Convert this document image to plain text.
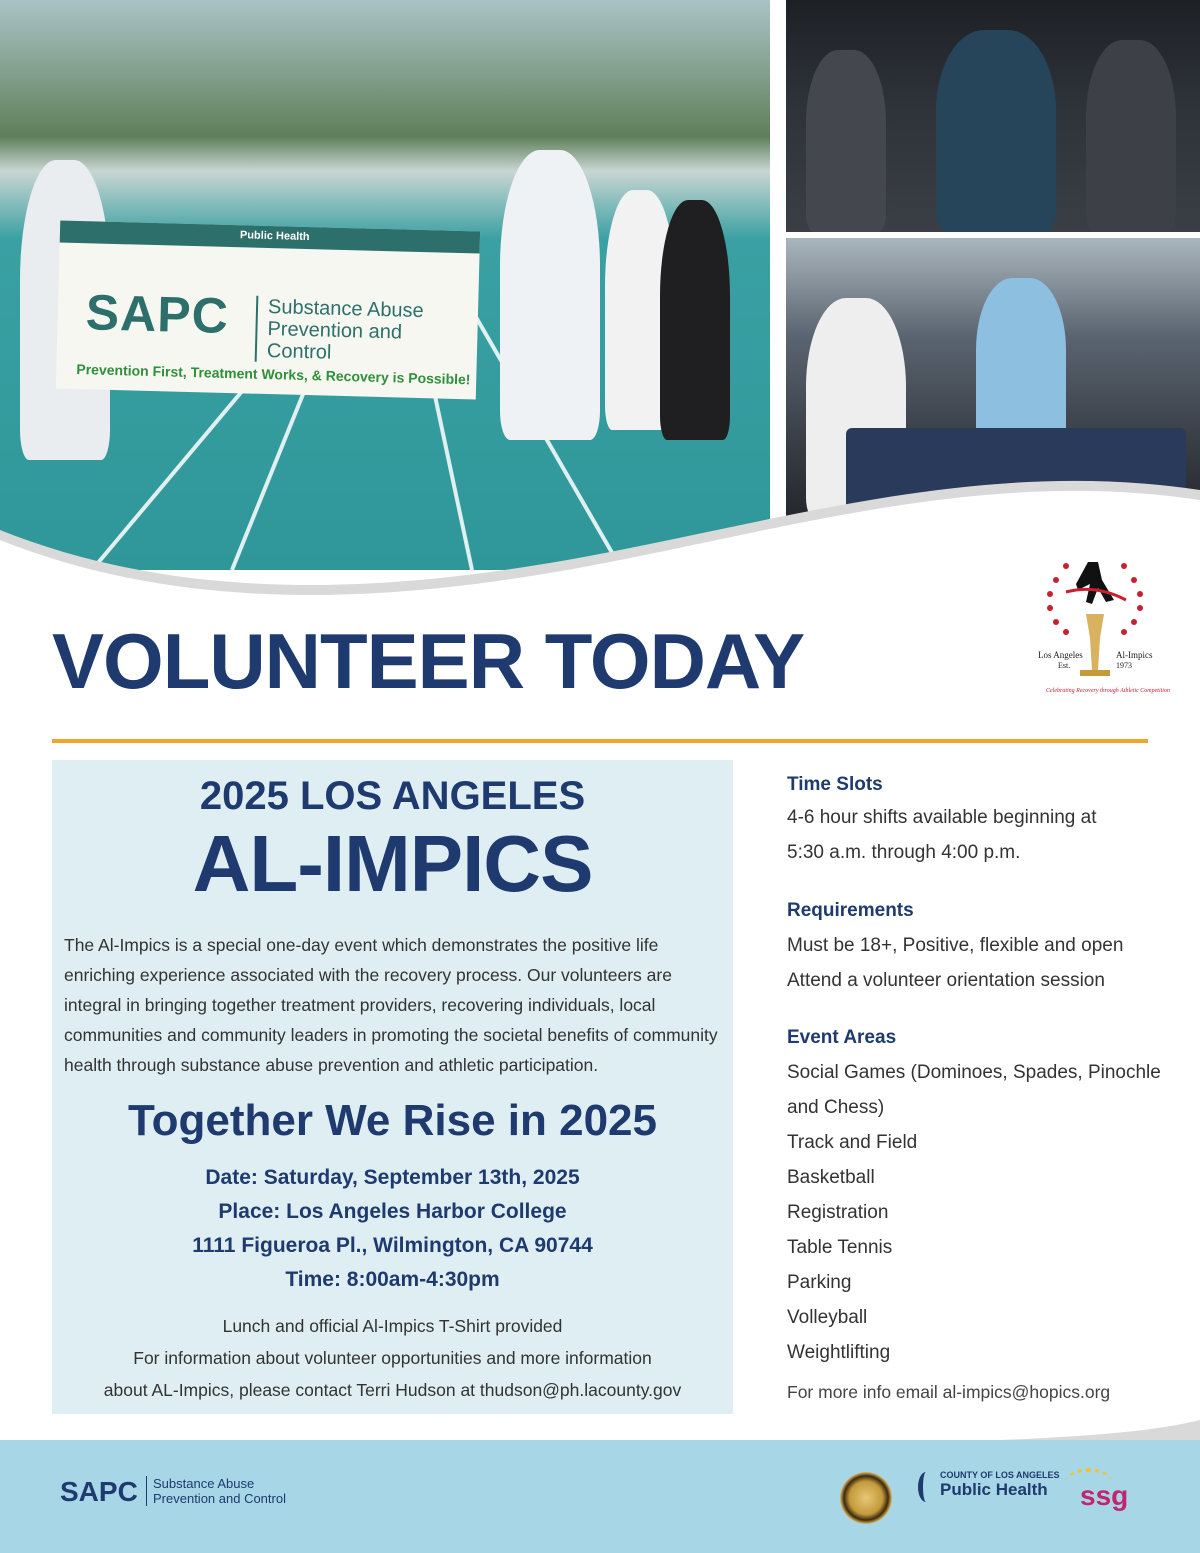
Public Health
SAPC	Substance Abuse Prevention and Control
Prevention First, Treatment Works, & Recovery is Possible!
Los Angeles	Al-Impics
Est.	1973
Celebrating Recovery through Athletic Competition
VOLUNTEER TODAY
2025 LOS ANGELES
AL-IMPICS
The Al-Impics is a special one-day event which demonstrates the positive life enriching experience associated with the recovery process. Our volunteers are integral in bringing together treatment providers, recovering individuals, local communities and community leaders in promoting the societal benefits of community health through substance abuse prevention and athletic participation.
Together We Rise in 2025
Date: Saturday, September 13th, 2025
Place: Los Angeles Harbor College
1111 Figueroa Pl., Wilmington, CA 90744
Time: 8:00am-4:30pm
Lunch and official Al-Impics T-Shirt provided
For information about volunteer opportunities and more information
about AL-Impics, please contact Terri Hudson at thudson@ph.lacounty.gov
Time Slots
4-6 hour shifts available beginning at
5:30 a.m. through 4:00 p.m.
Requirements
Must be 18+, Positive, flexible and open
Attend a volunteer orientation session
Event Areas
Social Games (Dominoes, Spades, Pinochle
and Chess)
Track and Field
Basketball
Registration
Table Tennis
Parking
Volleyball
Weightlifting
For more info email al-impics@hopics.org
SAPC	Substance Abuse
Prevention and Control
COUNTY OF LOS ANGELES
Public Health	ssg
